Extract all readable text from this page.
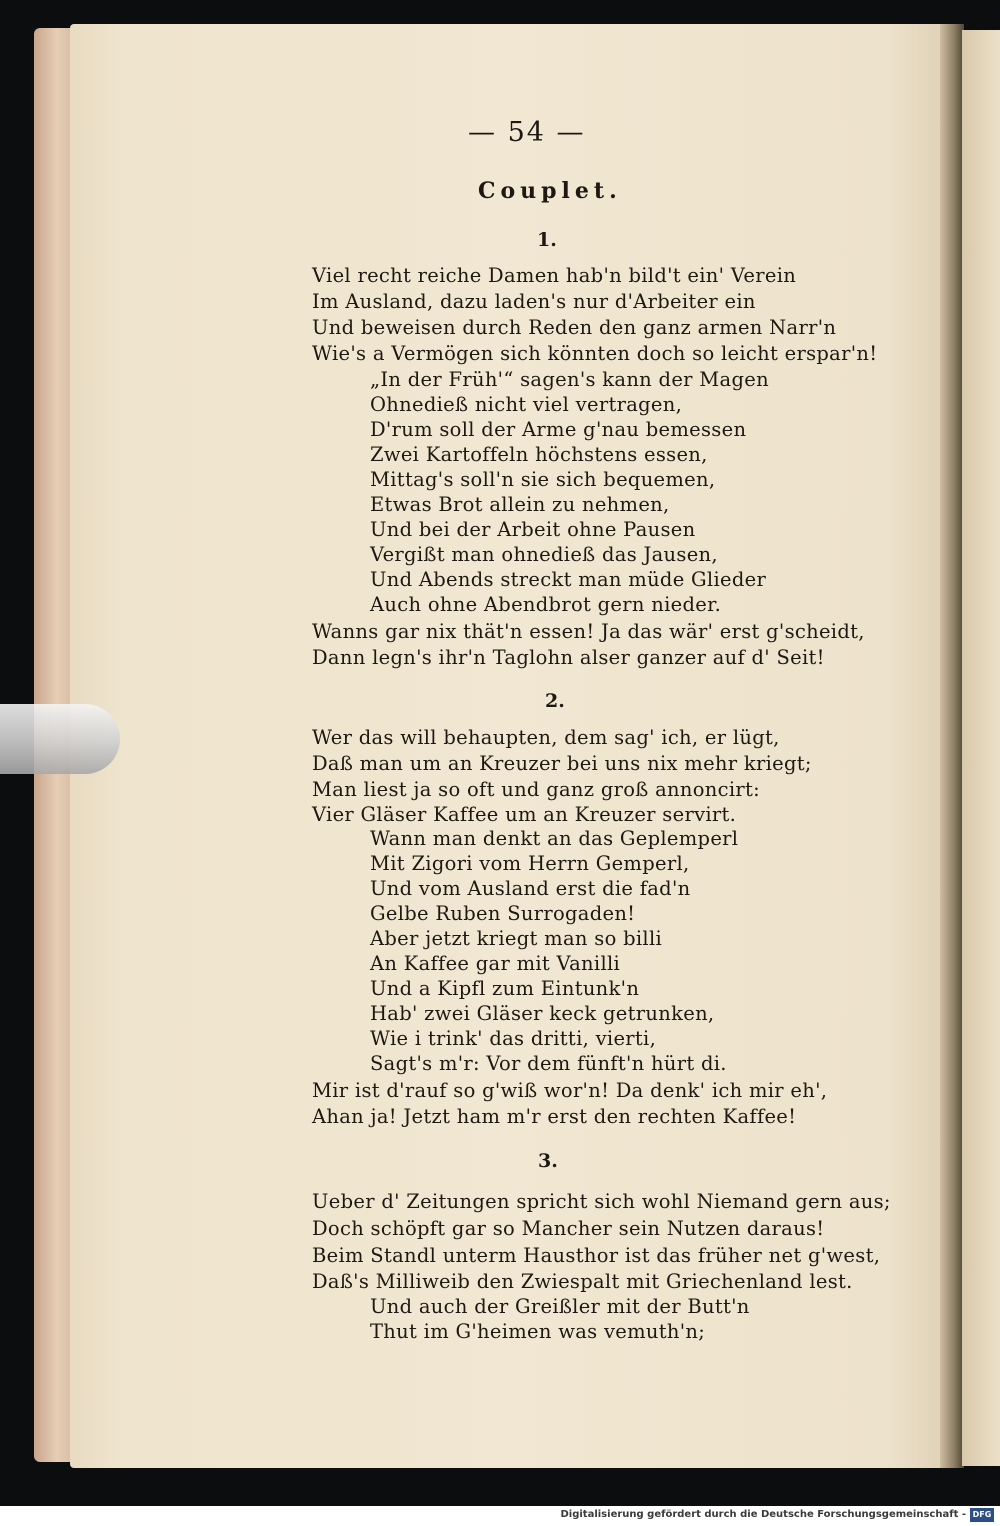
— 54 —
Couplet.
1.
Viel recht reiche Damen hab'n bild't ein' Verein
Im Ausland, dazu laden's nur d'Arbeiter ein
Und beweisen durch Reden den ganz armen Narr'n
Wie's a Vermögen sich könnten doch so leicht erspar'n!
„In der Früh'“ sagen's kann der Magen
Ohnedieß nicht viel vertragen,
D'rum soll der Arme g'nau bemessen
Zwei Kartoffeln höchstens essen,
Mittag's soll'n sie sich bequemen,
Etwas Brot allein zu nehmen,
Und bei der Arbeit ohne Pausen
Vergißt man ohnedieß das Jausen,
Und Abends streckt man müde Glieder
Auch ohne Abendbrot gern nieder.
Wanns gar nix thät'n essen! Ja das wär' erst g'scheidt,
Dann legn's ihr'n Taglohn alser ganzer auf d' Seit!
2.
Wer das will behaupten, dem sag' ich, er lügt,
Daß man um an Kreuzer bei uns nix mehr kriegt;
Man liest ja so oft und ganz groß annoncirt:
Vier Gläser Kaffee um an Kreuzer servirt.
Wann man denkt an das Geplemperl
Mit Zigori vom Herrn Gemperl,
Und vom Ausland erst die fad'n
Gelbe Ruben Surrogaden!
Aber jetzt kriegt man so billi
An Kaffee gar mit Vanilli
Und a Kipfl zum Eintunk'n
Hab' zwei Gläser keck getrunken,
Wie i trink' das dritti, vierti,
Sagt's m'r: Vor dem fünft'n hürt di.
Mir ist d'rauf so g'wiß wor'n! Da denk' ich mir eh',
Ahan ja! Jetzt ham m'r erst den rechten Kaffee!
3.
Ueber d' Zeitungen spricht sich wohl Niemand gern aus;
Doch schöpft gar so Mancher sein Nutzen daraus!
Beim Standl unterm Hausthor ist das früher net g'west,
Daß's Milliweib den Zwiespalt mit Griechenland lest.
Und auch der Greißler mit der Butt'n
Thut im G'heimen was vemuth'n;
Digitalisierung gefördert durch die Deutsche Forschungsgemeinschaft - DFG
